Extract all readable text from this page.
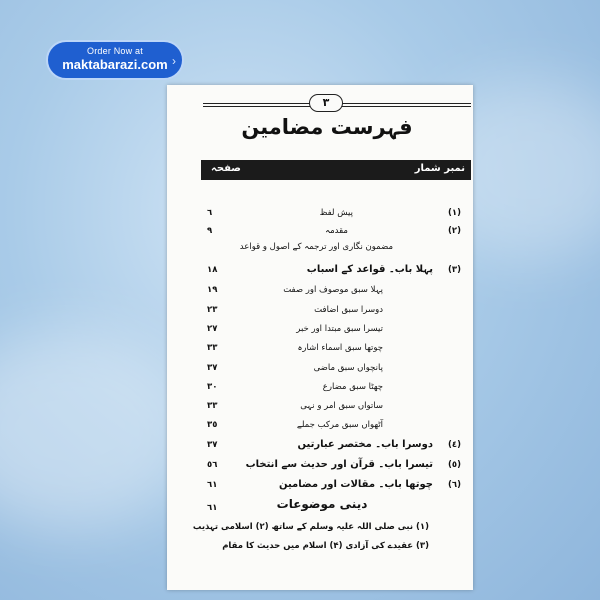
Order Now at
maktabarazi.com ›
٣
فہرست مضامین
نمبر شمار
صفحہ
٦	پیش لفظ	(١)
٩	مقدمہ	(٢)
مضمون نگاری اور ترجمہ کے اصول و قواعد
١٨	پہلا باب۔ قواعد کے اسباب (٣)
١٩	پہلا سبق موصوف اور صفت
٢٣	دوسرا سبق اضافت
٢٧	تیسرا سبق مبتدا اور خبر
٣٣	چوتھا سبق اسماء اشارہ
٣٧	پانچواں سبق ماضی
٣٠	چھٹا سبق مضارع
٣٣	ساتواں سبق امر و نہی
٣٥	آٹھواں سبق مرکب جملے
٣٧	دوسرا باب۔ مختصر عبارتیں (٤)
٥٦	تیسرا باب۔ قرآن اور حدیث سے انتخاب (٥)
٦١	چوتھا باب۔ مقالات اور مضامین (٦)
٦١	دینی موضوعات
(١) نبی صلی اللہ علیہ وسلم کے ساتھ (٢) اسلامی تہذیب
(٣) عقیدے کی آزادی (۴) اسلام میں حدیث کا مقام
